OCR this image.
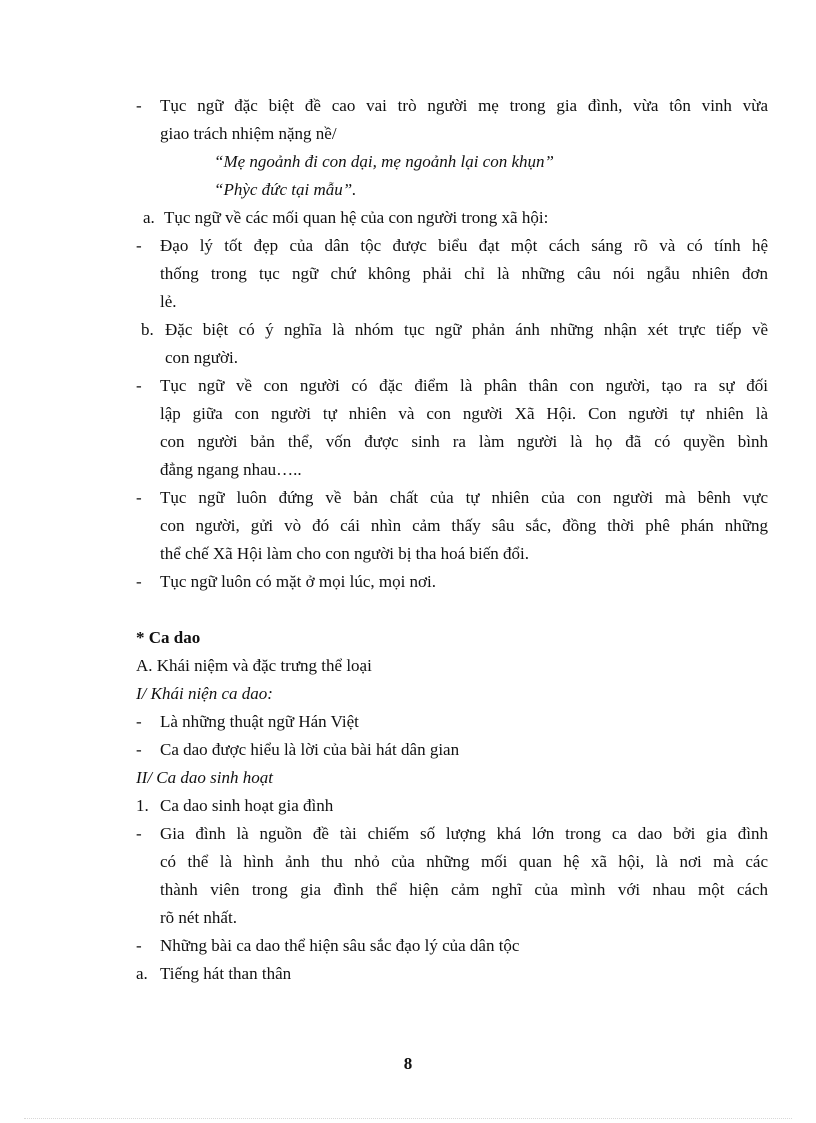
-	Tục ngữ đặc biệt đề cao vai trò người mẹ trong gia đình, vừa tôn vinh vừa
giao trách nhiệm nặng nề/
“Mẹ ngoảnh đi con dại, mẹ ngoảnh lại con khụn”
“Phỳc đức tại mẫu”.
a. Tục ngữ về các mối quan hệ của con người trong xã hội:
-	Đạo lý tốt đẹp của dân tộc được biểu đạt một cách sáng rõ và có tính hệ
thống trong tục ngữ chứ không phải chỉ là những câu nói ngẫu nhiên đơn
lẻ.
b. Đặc biệt có ý nghĩa là nhóm tục ngữ phản ánh những nhận xét trực tiếp về
con người.
-	Tục ngữ về con người có đặc điểm là phân thân con người, tạo ra sự đối
lập giữa con người tự nhiên và con người Xã Hội. Con người tự nhiên là
con người bản thể, vốn được sinh ra làm người là họ đã có quyền bình
đẳng ngang nhau…..
-	Tục ngữ luôn đứng về bản chất của tự nhiên của con người mà bênh vực
con người, gửi vò đó cái nhìn cảm thấy sâu sắc, đồng thời phê phán những
thể chế Xã Hội làm cho con người bị tha hoá biến đổi.
-	Tục ngữ luôn có mặt ở mọi lúc, mọi nơi.
* Ca dao
A. Khái niệm và đặc trưng thể loại
I/ Khái niện ca dao:
-	Là những thuật ngữ Hán Việt
-	Ca dao được hiểu là lời của bài hát dân gian
II/ Ca dao sinh hoạt
1. Ca dao sinh hoạt gia đình
-	Gia đình là nguồn đề tài chiếm số lượng khá lớn trong ca dao bởi gia đình
có thể là hình ảnh thu nhỏ của những mối quan hệ xã hội, là nơi mà các
thành viên trong gia đình thể hiện cảm nghĩ của mình với nhau một cách
rõ nét nhất.
-	Những bài ca dao thể hiện sâu sắc đạo lý của dân tộc
a. Tiếng hát than thân
8
